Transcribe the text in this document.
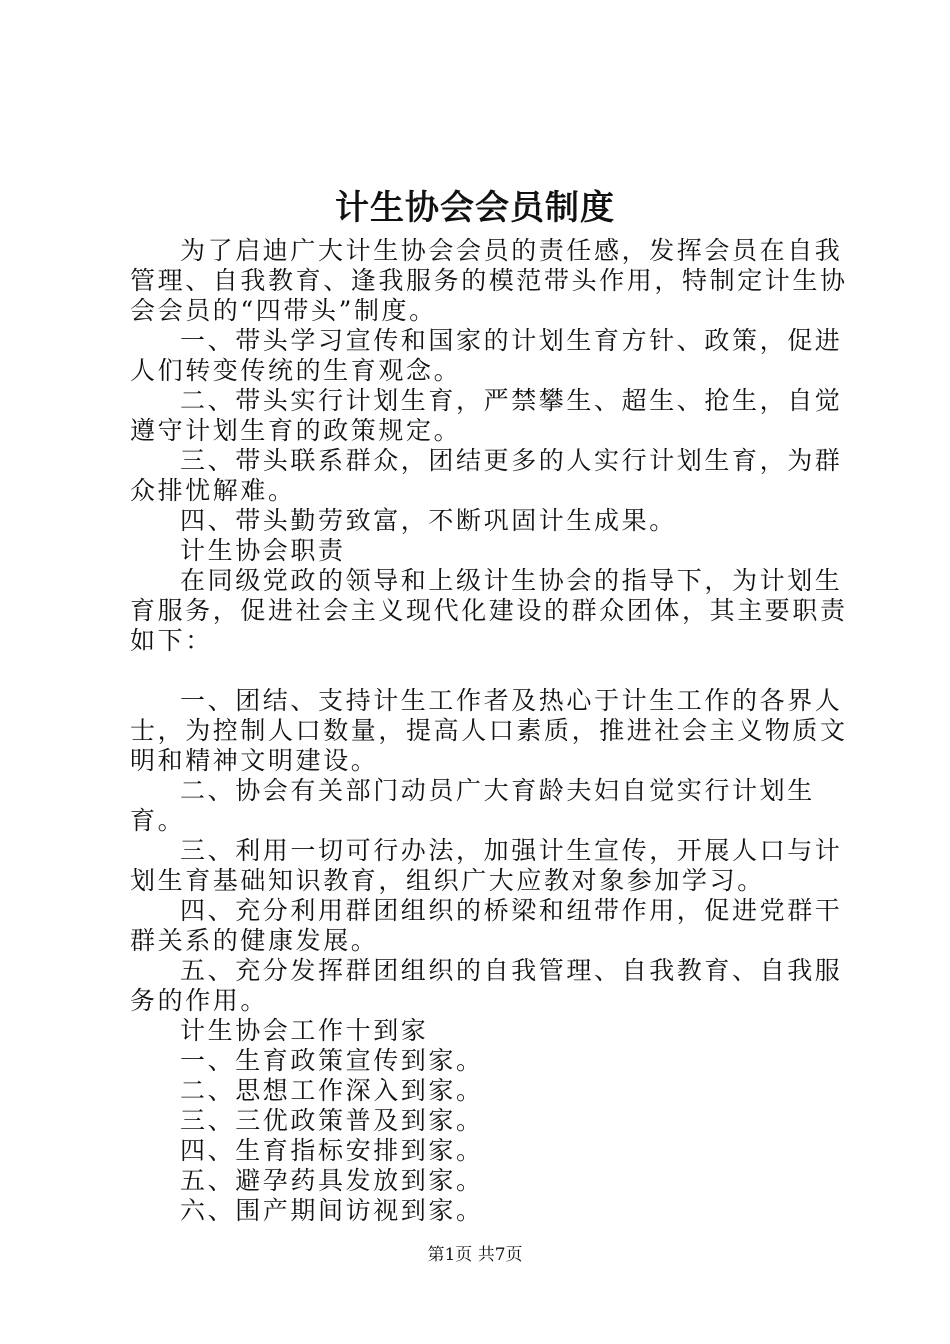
计生协会会员制度

为了启迪广大计生协会会员的责任感，发挥会员在自我管理、自我教育、逢我服务的模范带头作用，特制定计生协会会员的“四带头”制度。

一、带头学习宣传和国家的计划生育方针、政策，促进人们转变传统的生育观念。

二、带头实行计划生育，严禁攀生、超生、抢生，自觉遵守计划生育的政策规定。

三、带头联系群众，团结更多的人实行计划生育，为群众排忧解难。

四、带头勤劳致富，不断巩固计生成果。

计生协会职责

在同级党政的领导和上级计生协会的指导下，为计划生育服务，促进社会主义现代化建设的群众团体，其主要职责如下：

一、团结、支持计生工作者及热心于计生工作的各界人士，为控制人口数量，提高人口素质，推进社会主义物质文明和精神文明建设。

二、协会有关部门动员广大育龄夫妇自觉实行计划生育。

三、利用一切可行办法，加强计生宣传，开展人口与计划生育基础知识教育，组织广大应教对象参加学习。

四、充分利用群团组织的桥梁和纽带作用，促进党群干群关系的健康发展。

五、充分发挥群团组织的自我管理、自我教育、自我服务的作用。

计生协会工作十到家

一、生育政策宣传到家。

二、思想工作深入到家。

三、三优政策普及到家。

四、生育指标安排到家。

五、避孕药具发放到家。

六、围产期间访视到家。

第1页 共7页
